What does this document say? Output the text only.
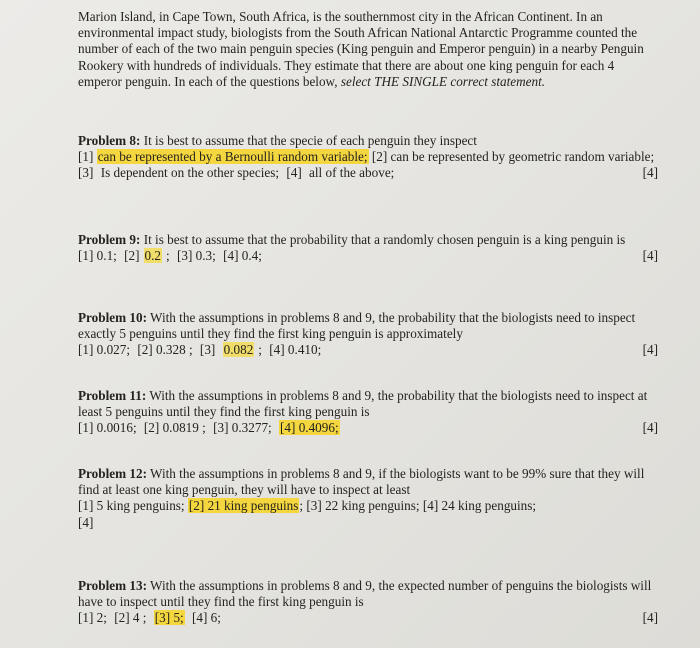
Marion Island, in Cape Town, South Africa, is the southernmost city in the African Continent. In an environmental impact study, biologists from the South African National Antarctic Programme counted the number of each of the two main penguin species (King penguin and Emperor penguin) in a nearby Penguin Rookery with hundreds of individuals. They estimate that there are about one king penguin for each 4 emperor penguin. In each of the questions below, select THE SINGLE correct statement.

Problem 8: It is best to assume that the specie of each penguin they inspect

[1] can be represented by a Bernoulli random variable; [2] can be represented by geometric random variable;

[3] Is dependent on the other species; [4] all of the above;	[4]

Problem 9: It is best to assume that the probability that a randomly chosen penguin is a king penguin is

[1] 0.1; [2] 0.2 ; [3] 0.3; [4] 0.4;	[4]

Problem 10: With the assumptions in problems 8 and 9, the probability that the biologists need to inspect exactly 5 penguins until they find the first king penguin is approximately

[1] 0.027; [2] 0.328 ; [3] 0.082 ; [4] 0.410;	[4]

Problem 11: With the assumptions in problems 8 and 9, the probability that the biologists need to inspect at least 5 penguins until they find the first king penguin is

[1] 0.0016; [2] 0.0819 ; [3] 0.3277; [4] 0.4096;	[4]

Problem 12: With the assumptions in problems 8 and 9, if the biologists want to be 99% sure that they will find at least one king penguin, they will have to inspect at least

[1] 5 king penguins; [2] 21 king penguins; [3] 22 king penguins; [4] 24 king penguins;

[4]

Problem 13: With the assumptions in problems 8 and 9, the expected number of penguins the biologists will have to inspect until they find the first king penguin is

[1] 2; [2] 4 ; [3] 5; [4] 6;	[4]
